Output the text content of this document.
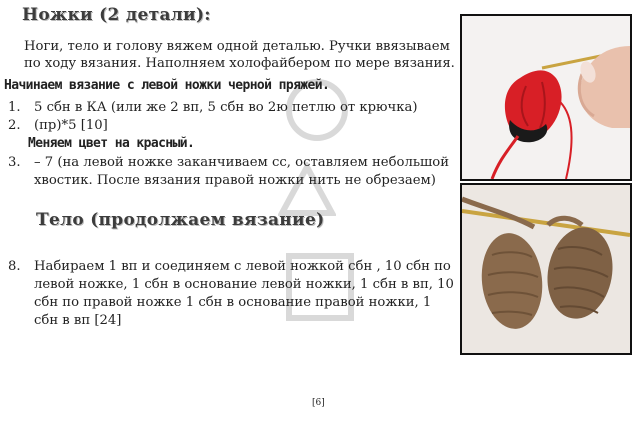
Ножки (2 детали):
Ноги, тело и голову вяжем одной деталью. Ручки ввязываем по ходу вязания. Наполняем холофайбером по мере вязания.
Начинаем вязание с левой ножки черной пряжей.
1. 5 сбн в КА (или же 2 вп, 5 сбн во 2ю петлю от крючка)
2. (пр)*5 [10]
Меняем цвет на красный.
3. – 7 (на левой ножке заканчиваем сс, оставляем небольшой хвостик. После вязания правой ножки нить не обрезаем)
Тело (продолжаем вязание)
8. Набираем 1 вп и соединяем с левой ножкой сбн , 10 сбн по левой ножке, 1 сбн в основание левой ножки, 1 сбн в вп, 10 сбн по правой ножке 1 сбн в основание правой ножки, 1 сбн в вп [24]
[6]
